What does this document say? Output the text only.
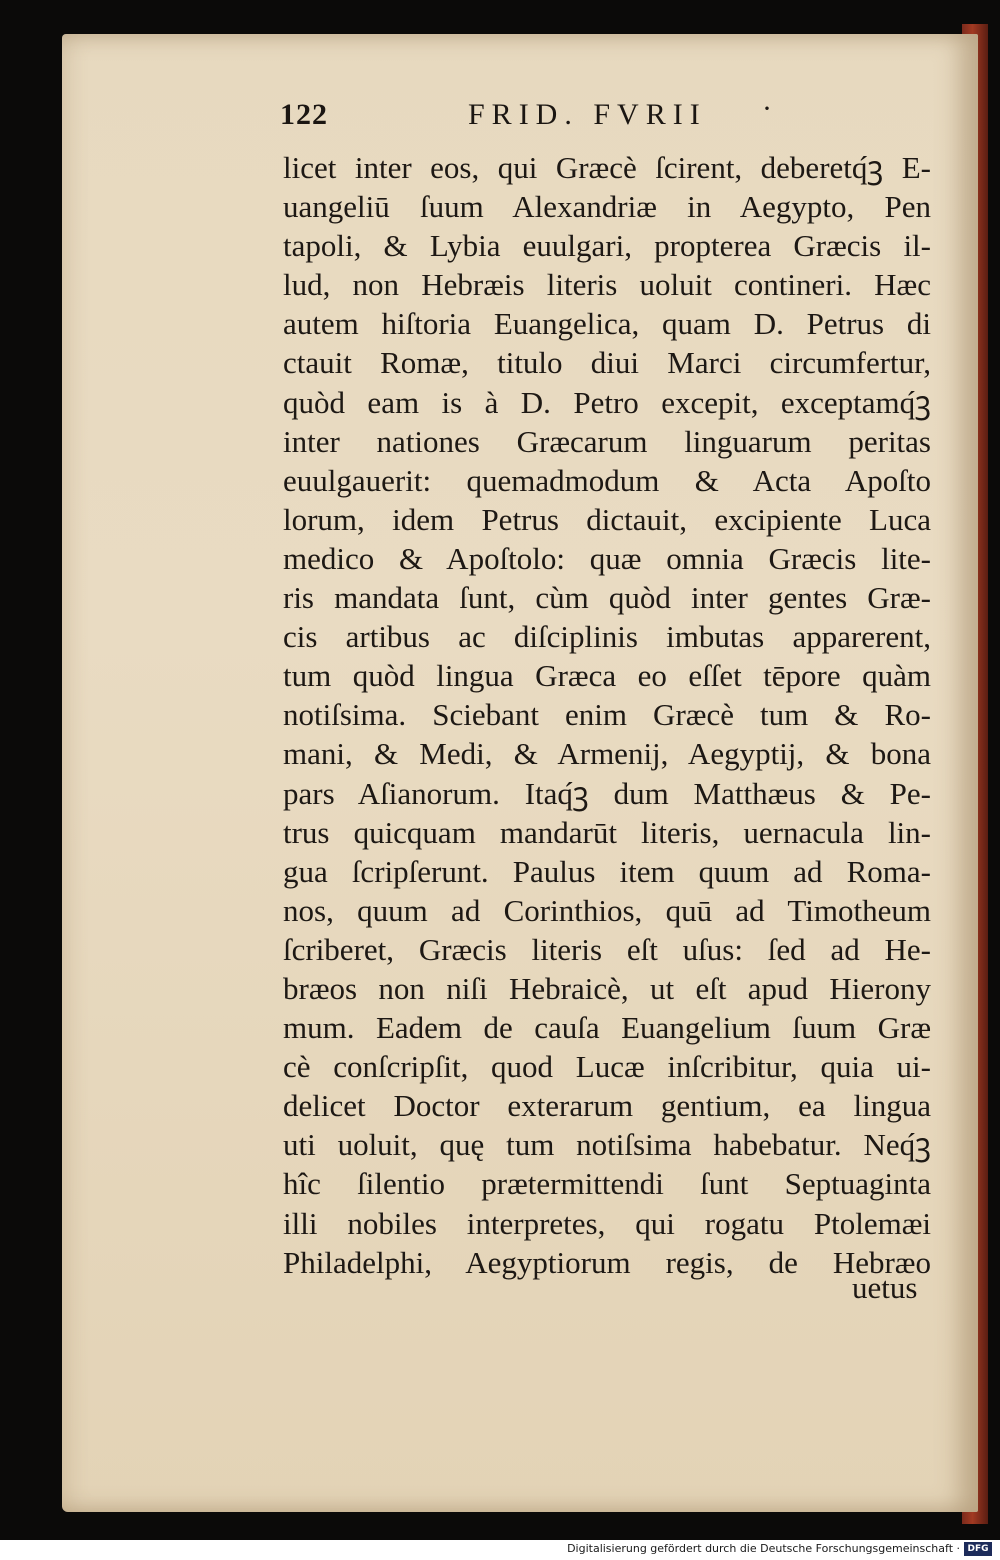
122	FRID. FVRII ·
licet inter eos, qui Græcè ſcirent, deberetq́ꝫ E-
uangeliū ſuum Alexandriæ in Aegypto, Pen
tapoli, & Lybia euulgari, propterea Græcis il-
lud, non Hebræis literis uoluit contineri. Hæc
autem hiſtoria Euangelica, quam D. Petrus di
ctauit Romæ, titulo diui Marci circumfertur,
quòd eam is à D. Petro excepit, exceptamq́ꝫ
inter nationes Græcarum linguarum peritas
euulgauerit: quemadmodum & Acta Apoſto
lorum, idem Petrus dictauit, excipiente Luca
medico & Apoſtolo: quæ omnia Græcis lite-
ris mandata ſunt, cùm quòd inter gentes Græ-
cis artibus ac diſciplinis imbutas apparerent,
tum quòd lingua Græca eo eſſet tēpore quàm
notiſsima. Sciebant enim Græcè tum & Ro-
mani, & Medi, & Armenij, Aegyptij, & bona
pars Aſianorum. Itaq́ꝫ dum Matthæus & Pe-
trus quicquam mandarūt literis, uernacula lin-
gua ſcripſerunt. Paulus item quum ad Roma-
nos, quum ad Corinthios, quū ad Timotheum
ſcriberet, Græcis literis eſt uſus: ſed ad He-
bræos non niſi Hebraicè, ut eſt apud Hierony
mum. Eadem de cauſa Euangelium ſuum Græ
cè conſcripſit, quod Lucæ inſcribitur, quia ui-
delicet Doctor exterarum gentium, ea lingua
uti uoluit, quę tum notiſsima habebatur. Neq́ꝫ
hîc ſilentio prætermittendi ſunt Septuaginta
illi nobiles interpretes, qui rogatu Ptolemæi
Philadelphi, Aegyptiorum regis, de Hebræo
uetus
Digitalisierung gefördert durch die Deutsche Forschungsgemeinschaft · DFG
